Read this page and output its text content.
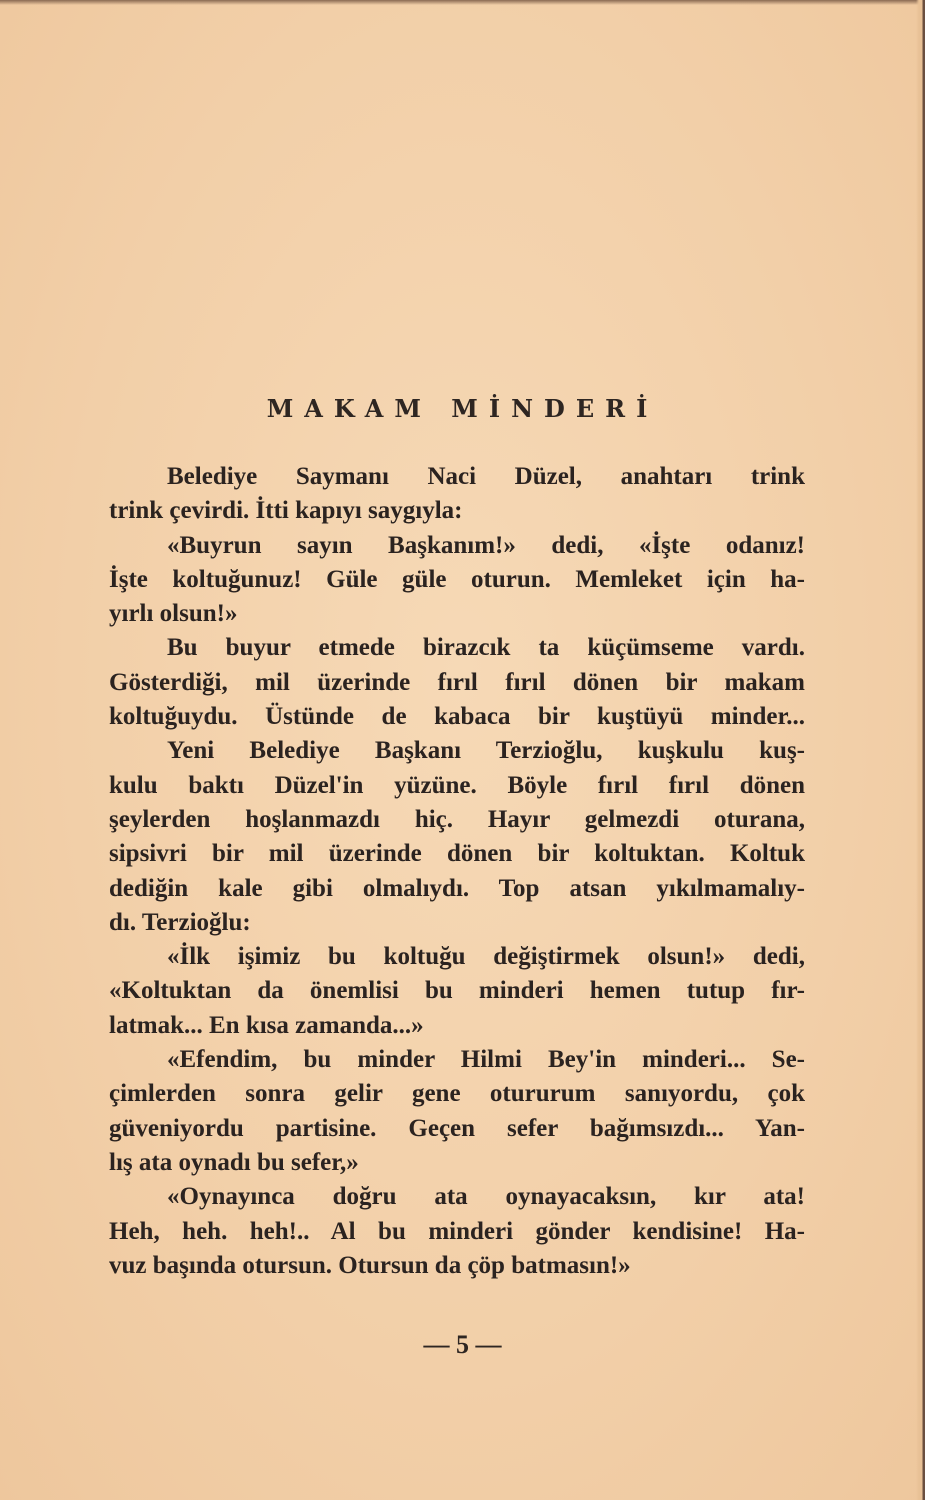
MAKAM MİNDERİ
Belediye Saymanı Naci Düzel, anahtarı trink
trink çevirdi. İtti kapıyı saygıyla:
«Buyrun sayın Başkanım!» dedi, «İşte odanız!
İşte koltuğunuz! Güle güle oturun. Memleket için ha-
yırlı olsun!»
Bu buyur etmede birazcık ta küçümseme vardı.
Gösterdiği, mil üzerinde fırıl fırıl dönen bir makam
koltuğuydu. Üstünde de kabaca bir kuştüyü minder...
Yeni Belediye Başkanı Terzioğlu, kuşkulu kuş-
kulu baktı Düzel'in yüzüne. Böyle fırıl fırıl dönen
şeylerden hoşlanmazdı hiç. Hayır gelmezdi oturana,
sipsivri bir mil üzerinde dönen bir koltuktan. Koltuk
dediğin kale gibi olmalıydı. Top atsan yıkılmamalıy-
dı. Terzioğlu:
«İlk işimiz bu koltuğu değiştirmek olsun!» dedi,
«Koltuktan da önemlisi bu minderi hemen tutup fır-
latmak... En kısa zamanda...»
«Efendim, bu minder Hilmi Bey'in minderi... Se-
çimlerden sonra gelir gene otururum sanıyordu, çok
güveniyordu partisine. Geçen sefer bağımsızdı... Yan-
lış ata oynadı bu sefer,»
«Oynayınca doğru ata oynayacaksın, kır ata!
Heh, heh. heh!.. Al bu minderi gönder kendisine! Ha-
vuz başında otursun. Otursun da çöp batmasın!»
— 5 —
